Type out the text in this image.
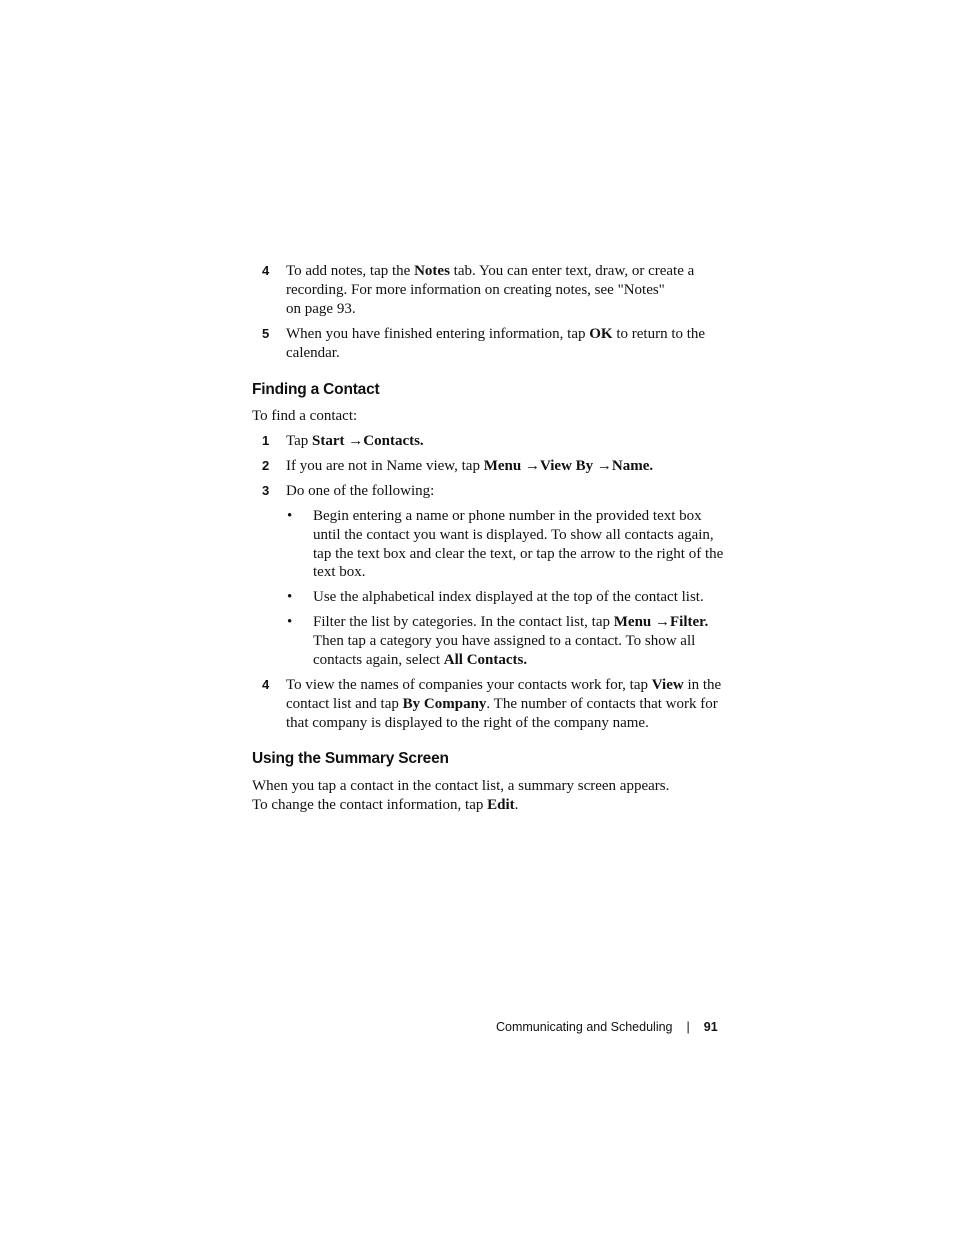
4 To add notes, tap the Notes tab. You can enter text, draw, or create a recording. For more information on creating notes, see "Notes"
on page 93.
5 When you have finished entering information, tap OK to return to the calendar.
Finding a Contact
To find a contact:
1 Tap Start →Contacts.
2 If you are not in Name view, tap Menu →View By →Name.
3 Do one of the following:
• Begin entering a name or phone number in the provided text box until the contact you want is displayed. To show all contacts again, tap the text box and clear the text, or tap the arrow to the right of the text box.
• Use the alphabetical index displayed at the top of the contact list.
• Filter the list by categories. In the contact list, tap Menu →Filter. Then tap a category you have assigned to a contact. To show all contacts again, select All Contacts.
4 To view the names of companies your contacts work for, tap View in the contact list and tap By Company. The number of contacts that work for that company is displayed to the right of the company name.
Using the Summary Screen
When you tap a contact in the contact list, a summary screen appears.
To change the contact information, tap Edit.
Communicating and Scheduling | 91
